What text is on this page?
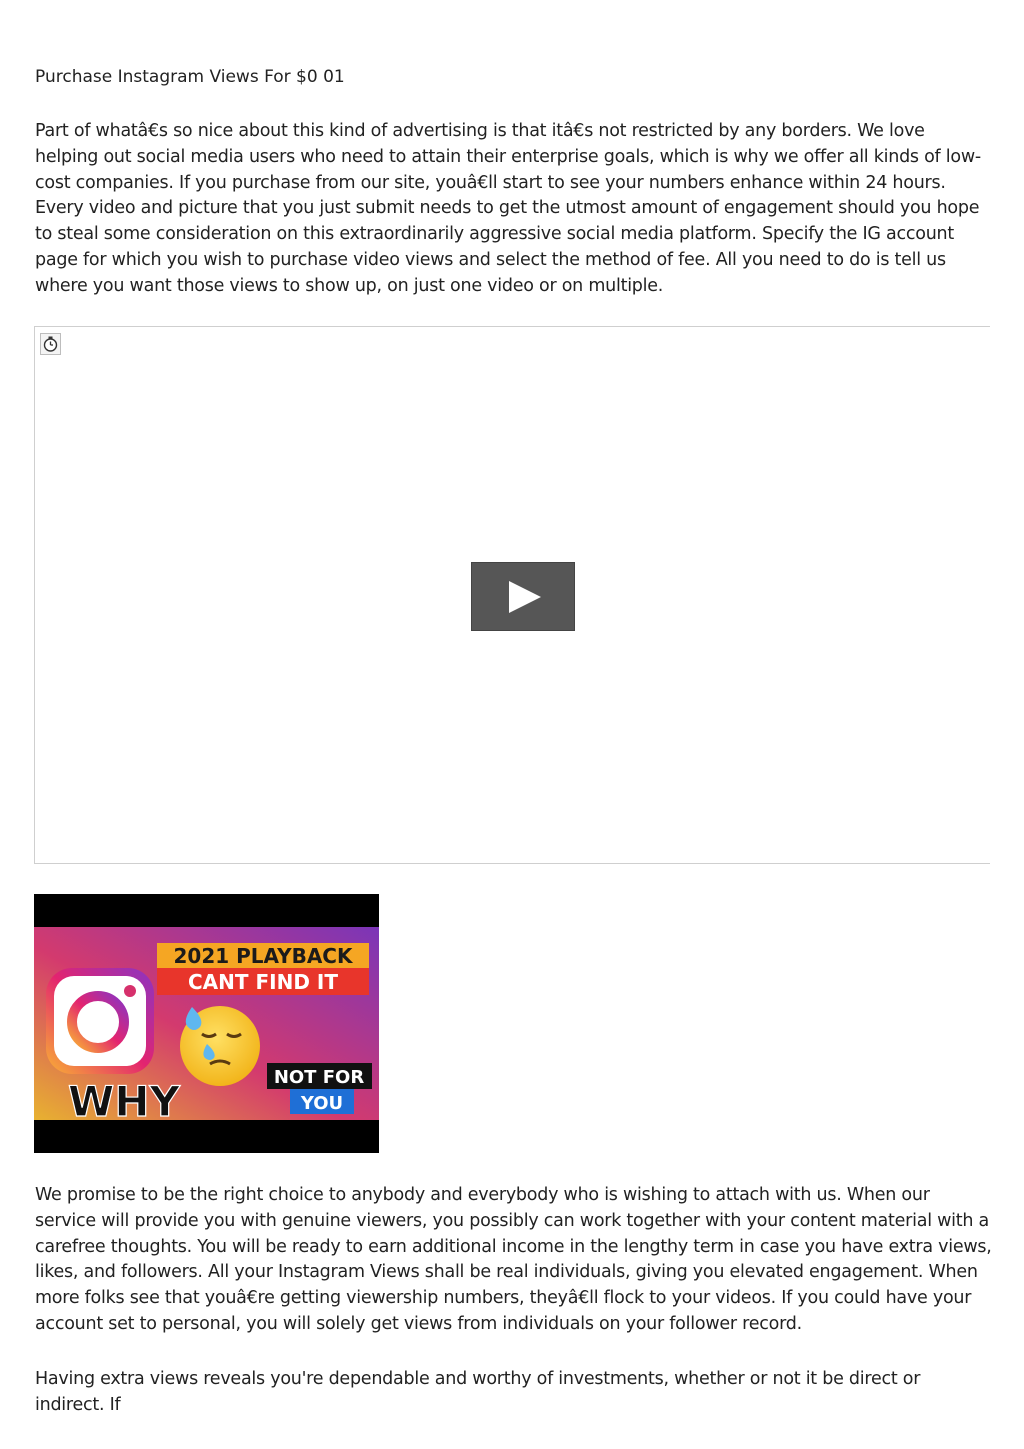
Purchase Instagram Views For $0 01

Part of whatâ€s so nice about this kind of advertising is that itâ€s not restricted by any borders. We love helping out social media users who need to attain their enterprise goals, which is why we offer all kinds of low-cost companies. If you purchase from our site, youâ€ll start to see your numbers enhance within 24 hours. Every video and picture that you just submit needs to get the utmost amount of engagement should you hope to steal some consideration on this extraordinarily aggressive social media platform. Specify the IG account page for which you wish to purchase video views and select the method of fee. All you need to do is tell us where you want those views to show up, on just one video or on multiple.

2021 PLAYBACK
CANT FIND IT
WHY	NOT FOR
YOU

We promise to be the right choice to anybody and everybody who is wishing to attach with us. When our service will provide you with genuine viewers, you possibly can work together with your content material with a carefree thoughts. You will be ready to earn additional income in the lengthy term in case you have extra views, likes, and followers. All your Instagram Views shall be real individuals, giving you elevated engagement. When more folks see that youâ€re getting viewership numbers, theyâ€ll flock to your videos. If you could have your account set to personal, you will solely get views from individuals on your follower record.

Having extra views reveals you're dependable and worthy of investments, whether or not it be direct or indirect. If
